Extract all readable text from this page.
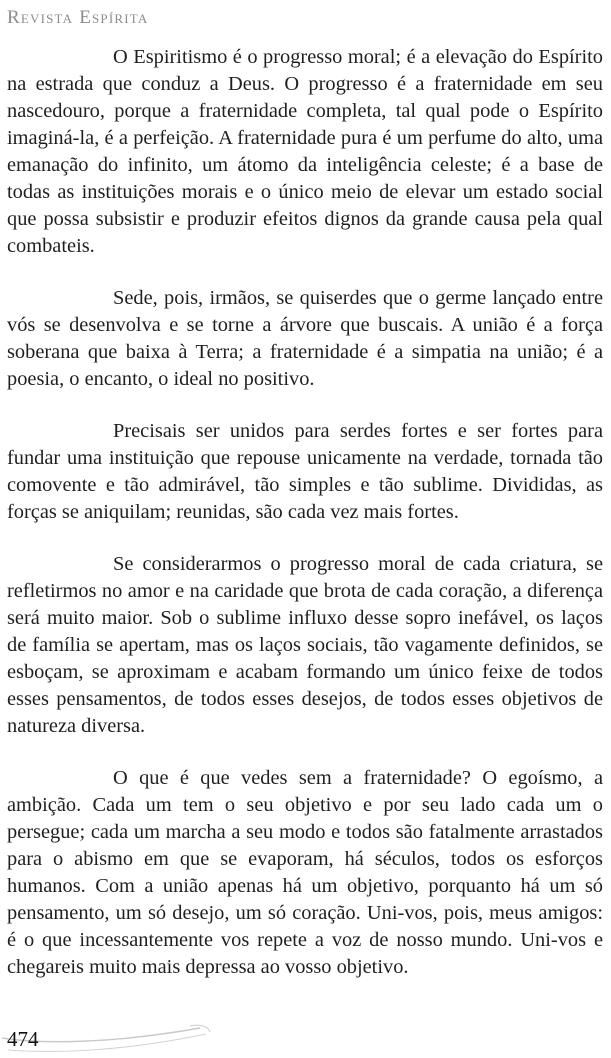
Revista Espírita

O Espiritismo é o progresso moral; é a elevação do Espírito na estrada que conduz a Deus. O progresso é a fraternidade em seu nascedouro, porque a fraternidade completa, tal qual pode o Espírito imaginá-la, é a perfeição. A fraternidade pura é um perfume do alto, uma emanação do infinito, um átomo da inteligência celeste; é a base de todas as instituições morais e o único meio de elevar um estado social que possa subsistir e produzir efeitos dignos da grande causa pela qual combateis.

Sede, pois, irmãos, se quiserdes que o germe lançado entre vós se desenvolva e se torne a árvore que buscais. A união é a força soberana que baixa à Terra; a fraternidade é a simpatia na união; é a poesia, o encanto, o ideal no positivo.

Precisais ser unidos para serdes fortes e ser fortes para fundar uma instituição que repouse unicamente na verdade, tornada tão comovente e tão admirável, tão simples e tão sublime. Divididas, as forças se aniquilam; reunidas, são cada vez mais fortes.

Se considerarmos o progresso moral de cada criatura, se refletirmos no amor e na caridade que brota de cada coração, a diferença será muito maior. Sob o sublime influxo desse sopro inefável, os laços de família se apertam, mas os laços sociais, tão vagamente definidos, se esboçam, se aproximam e acabam formando um único feixe de todos esses pensamentos, de todos esses desejos, de todos esses objetivos de natureza diversa.

O que é que vedes sem a fraternidade? O egoísmo, a ambição. Cada um tem o seu objetivo e por seu lado cada um o persegue; cada um marcha a seu modo e todos são fatalmente arrastados para o abismo em que se evaporam, há séculos, todos os esforços humanos. Com a união apenas há um objetivo, porquanto há um só pensamento, um só desejo, um só coração. Uni-vos, pois, meus amigos: é o que incessantemente vos repete a voz de nosso mundo. Uni-vos e chegareis muito mais depressa ao vosso objetivo.

474
